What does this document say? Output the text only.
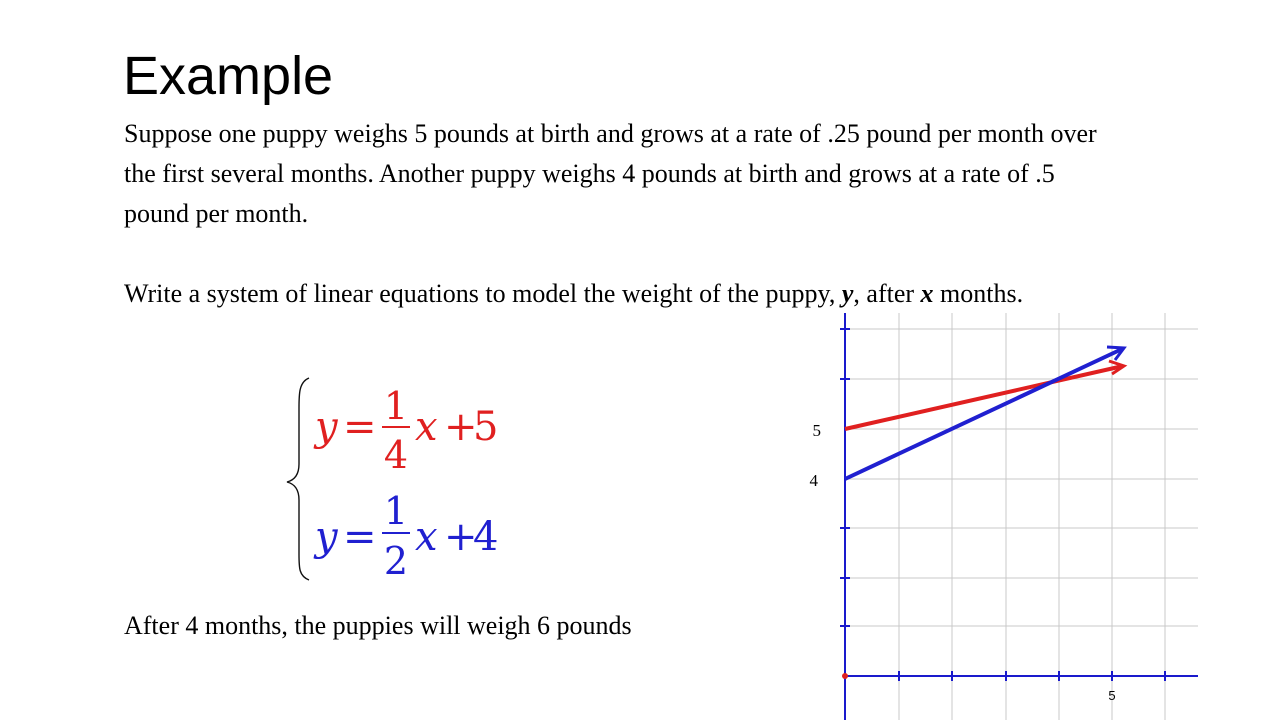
Example

Suppose one puppy weighs 5 pounds at birth and grows at a rate of .25 pound per month over the first several months. Another puppy weighs 4 pounds at birth and grows at a rate of .5 pound per month.

Write a system of linear equations to model the weight of the puppy, y, after x months.

y = 1
4
x +
5
y =
1
2
x +
4

After 4 months, the puppies will weigh 6 pounds

5
4
5
